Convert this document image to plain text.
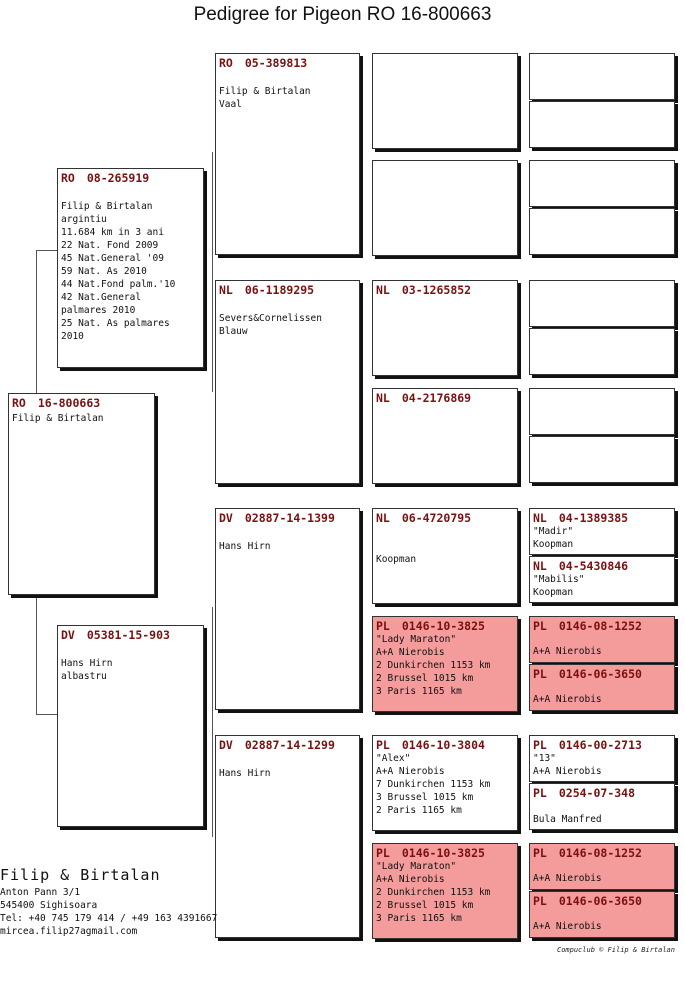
Pedigree for Pigeon RO 16-800663
RO 16-800663
Filip & Birtalan
RO 08-265919
Filip & Birtalan
argintiu
11.684 km in 3 ani
22 Nat. Fond 2009
45 Nat.General '09
59 Nat. As 2010
44 Nat.Fond palm.'10
42 Nat.General
palmares 2010
25 Nat. As palmares
2010
DV 05381-15-903
Hans Hirn
albastru
RO 05-389813
Filip & Birtalan
Vaal
NL 06-1189295
Severs&Cornelissen
Blauw
DV 02887-14-1399
Hans Hirn
DV 02887-14-1299
Hans Hirn
NL 03-1265852
NL 04-2176869
NL 06-4720795
Koopman
PL 0146-10-3825
"Lady Maraton"
A+A Nierobis
2 Dunkirchen 1153 km
2 Brussel 1015 km
3 Paris 1165 km
PL 0146-10-3804
"Alex"
A+A Nierobis
7 Dunkirchen 1153 km
3 Brussel 1015 km
2 Paris 1165 km
PL 0146-10-3825
"Lady Maraton"
A+A Nierobis
2 Dunkirchen 1153 km
2 Brussel 1015 km
3 Paris 1165 km
NL 04-1389385
"Madir"
Koopman
NL 04-5430846
"Mabilis"
Koopman
PL 0146-08-1252
A+A Nierobis
PL 0146-06-3650
A+A Nierobis
PL 0146-00-2713
"13"
A+A Nierobis
PL 0254-07-348
Bula Manfred
PL 0146-08-1252
A+A Nierobis
PL 0146-06-3650
A+A Nierobis
Filip & Birtalan
Anton Pann 3/1
545400 Sighisoara
Tel: +40 745 179 414 / +49 163 4391667
mircea.filip27agmail.com
Compuclub © Filip & Birtalan
